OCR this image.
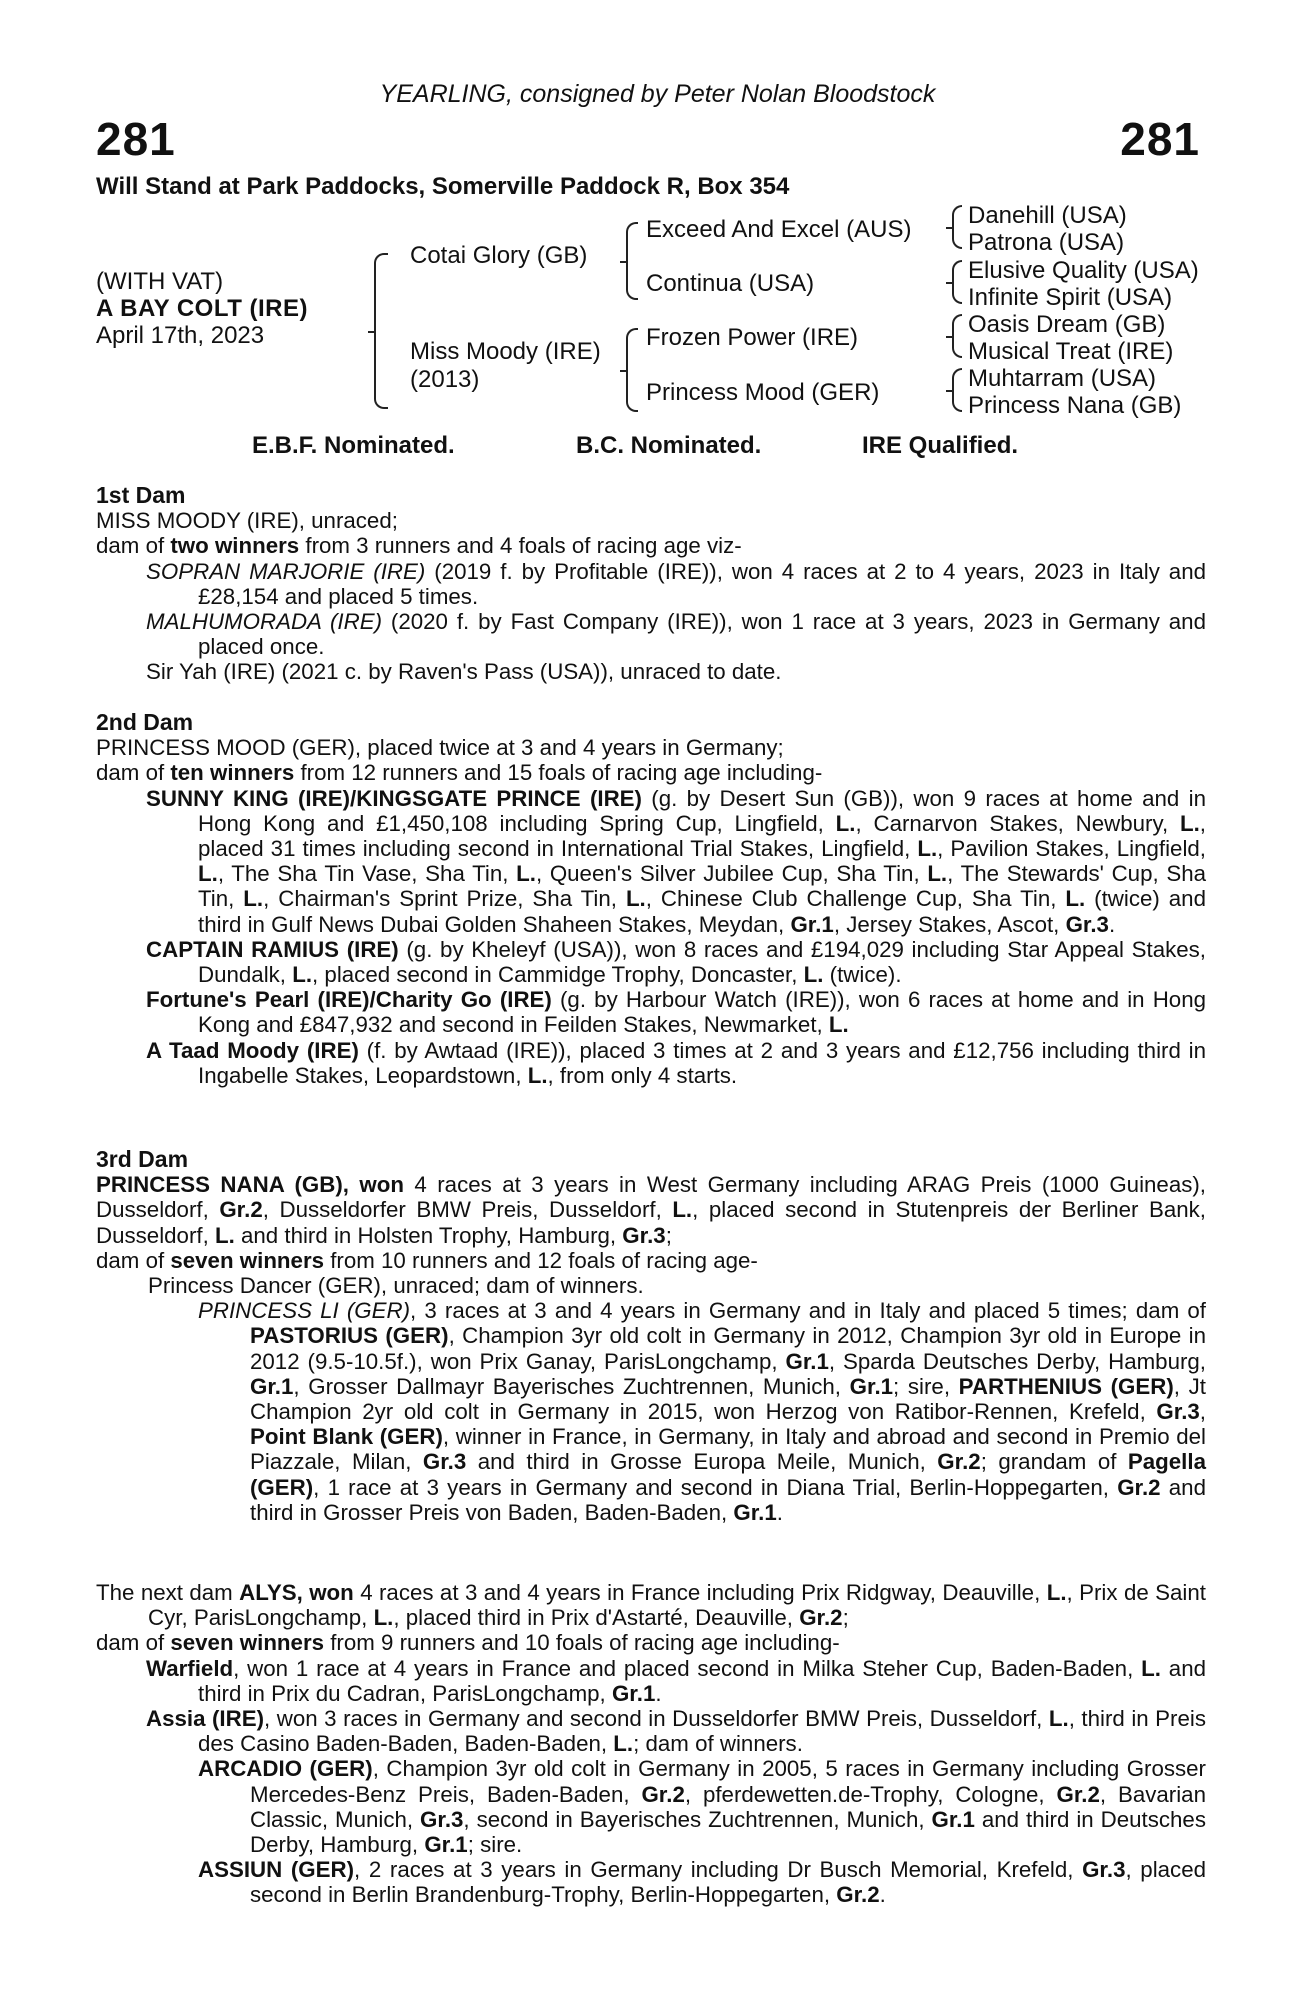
YEARLING, consigned by Peter Nolan Bloodstock
281	281
Will Stand at Park Paddocks, Somerville Paddock R, Box 354
(WITH VAT)
A BAY COLT (IRE)
April 17th, 2023
Cotai Glory (GB)
Miss Moody (IRE)
(2013)
Exceed And Excel (AUS)
Continua (USA)
Frozen Power (IRE)
Princess Mood (GER)
Danehill (USA)
Patrona (USA)
Elusive Quality (USA)
Infinite Spirit (USA)
Oasis Dream (GB)
Musical Treat (IRE)
Muhtarram (USA)
Princess Nana (GB)
E.B.F. Nominated.	B.C. Nominated.	IRE Qualified.

1st Dam

MISS MOODY (IRE), unraced;

dam of two winners from 3 runners and 4 foals of racing age viz-

SOPRAN MARJORIE (IRE) (2019 f. by Profitable (IRE)), won 4 races at 2 to 4 years, 2023 in Italy and £28,154 and placed 5 times.

MALHUMORADA (IRE) (2020 f. by Fast Company (IRE)), won 1 race at 3 years, 2023 in Germany and placed once.

Sir Yah (IRE) (2021 c. by Raven's Pass (USA)), unraced to date.

2nd Dam

PRINCESS MOOD (GER), placed twice at 3 and 4 years in Germany;

dam of ten winners from 12 runners and 15 foals of racing age including-

SUNNY KING (IRE)/KINGSGATE PRINCE (IRE) (g. by Desert Sun (GB)), won 9 races at home and in Hong Kong and £1,450,108 including Spring Cup, Lingfield, L., Carnarvon Stakes, Newbury, L., placed 31 times including second in International Trial Stakes, Lingfield, L., Pavilion Stakes, Lingfield, L., The Sha Tin Vase, Sha Tin, L., Queen's Silver Jubilee Cup, Sha Tin, L., The Stewards' Cup, Sha Tin, L., Chairman's Sprint Prize, Sha Tin, L., Chinese Club Challenge Cup, Sha Tin, L. (twice) and third in Gulf News Dubai Golden Shaheen Stakes, Meydan, Gr.1, Jersey Stakes, Ascot, Gr.3.

CAPTAIN RAMIUS (IRE) (g. by Kheleyf (USA)), won 8 races and £194,029 including Star Appeal Stakes, Dundalk, L., placed second in Cammidge Trophy, Doncaster, L. (twice).

Fortune's Pearl (IRE)/Charity Go (IRE) (g. by Harbour Watch (IRE)), won 6 races at home and in Hong Kong and £847,932 and second in Feilden Stakes, Newmarket, L.

A Taad Moody (IRE) (f. by Awtaad (IRE)), placed 3 times at 2 and 3 years and £12,756 including third in Ingabelle Stakes, Leopardstown, L., from only 4 starts.

3rd Dam

PRINCESS NANA (GB), won 4 races at 3 years in West Germany including ARAG Preis (1000 Guineas), Dusseldorf, Gr.2, Dusseldorfer BMW Preis, Dusseldorf, L., placed second in Stutenpreis der Berliner Bank, Dusseldorf, L. and third in Holsten Trophy, Hamburg, Gr.3;

dam of seven winners from 10 runners and 12 foals of racing age-

Princess Dancer (GER), unraced; dam of winners.

PRINCESS LI (GER), 3 races at 3 and 4 years in Germany and in Italy and placed 5 times; dam of PASTORIUS (GER), Champion 3yr old colt in Germany in 2012, Champion 3yr old in Europe in 2012 (9.5-10.5f.), won Prix Ganay, ParisLongchamp, Gr.1, Sparda Deutsches Derby, Hamburg, Gr.1, Grosser Dallmayr Bayerisches Zuchtrennen, Munich, Gr.1; sire, PARTHENIUS (GER), Jt Champion 2yr old colt in Germany in 2015, won Herzog von Ratibor-Rennen, Krefeld, Gr.3, Point Blank (GER), winner in France, in Germany, in Italy and abroad and second in Premio del Piazzale, Milan, Gr.3 and third in Grosse Europa Meile, Munich, Gr.2; grandam of Pagella (GER), 1 race at 3 years in Germany and second in Diana Trial, Berlin-Hoppegarten, Gr.2 and third in Grosser Preis von Baden, Baden-Baden, Gr.1.

The next dam ALYS, won 4 races at 3 and 4 years in France including Prix Ridgway, Deauville, L., Prix de Saint Cyr, ParisLongchamp, L., placed third in Prix d'Astarté, Deauville, Gr.2;

dam of seven winners from 9 runners and 10 foals of racing age including-

Warfield, won 1 race at 4 years in France and placed second in Milka Steher Cup, Baden-Baden, L. and third in Prix du Cadran, ParisLongchamp, Gr.1.

Assia (IRE), won 3 races in Germany and second in Dusseldorfer BMW Preis, Dusseldorf, L., third in Preis des Casino Baden-Baden, Baden-Baden, L.; dam of winners.

ARCADIO (GER), Champion 3yr old colt in Germany in 2005, 5 races in Germany including Grosser Mercedes-Benz Preis, Baden-Baden, Gr.2, pferdewetten.de-Trophy, Cologne, Gr.2, Bavarian Classic, Munich, Gr.3, second in Bayerisches Zuchtrennen, Munich, Gr.1 and third in Deutsches Derby, Hamburg, Gr.1; sire.

ASSIUN (GER), 2 races at 3 years in Germany including Dr Busch Memorial, Krefeld, Gr.3, placed second in Berlin Brandenburg-Trophy, Berlin-Hoppegarten, Gr.2.
